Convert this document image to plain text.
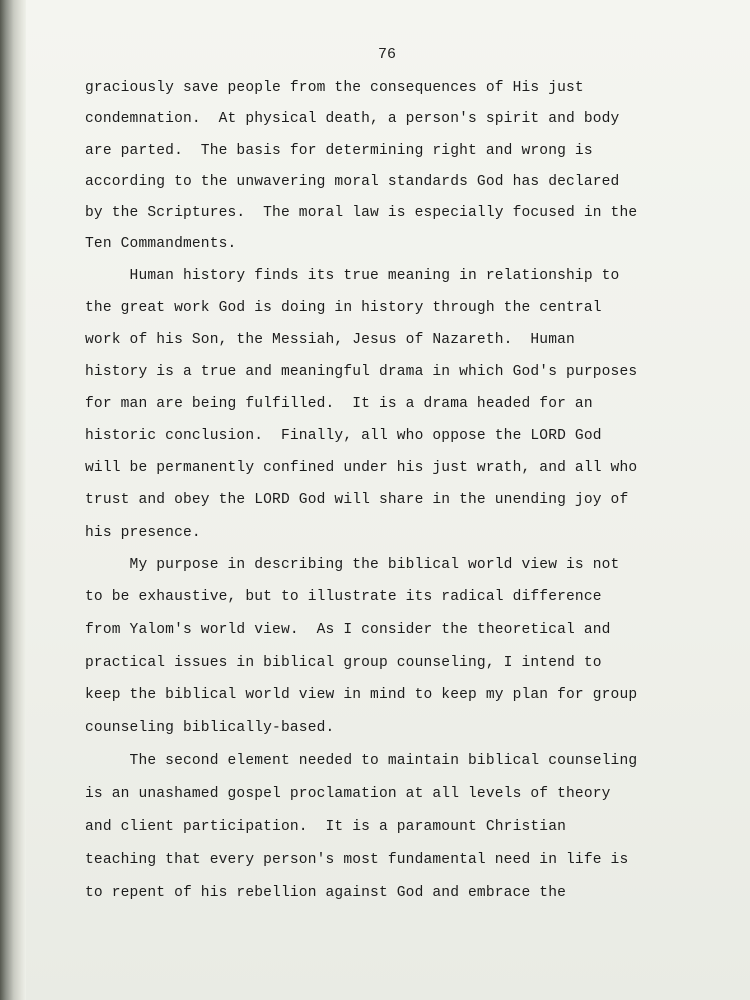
76
graciously save people from the consequences of His just
condemnation.  At physical death, a person's spirit and body
are parted.  The basis for determining right and wrong is
according to the unwavering moral standards God has declared
by the Scriptures.  The moral law is especially focused in the
Ten Commandments.
Human history finds its true meaning in relationship to
the great work God is doing in history through the central
work of his Son, the Messiah, Jesus of Nazareth.  Human
history is a true and meaningful drama in which God's purposes
for man are being fulfilled.  It is a drama headed for an
historic conclusion.  Finally, all who oppose the LORD God
will be permanently confined under his just wrath, and all who
trust and obey the LORD God will share in the unending joy of
his presence.
My purpose in describing the biblical world view is not
to be exhaustive, but to illustrate its radical difference
from Yalom's world view.  As I consider the theoretical and
practical issues in biblical group counseling, I intend to
keep the biblical world view in mind to keep my plan for group
counseling biblically-based.
The second element needed to maintain biblical counseling
is an unashamed gospel proclamation at all levels of theory
and client participation.  It is a paramount Christian
teaching that every person's most fundamental need in life is
to repent of his rebellion against God and embrace the
